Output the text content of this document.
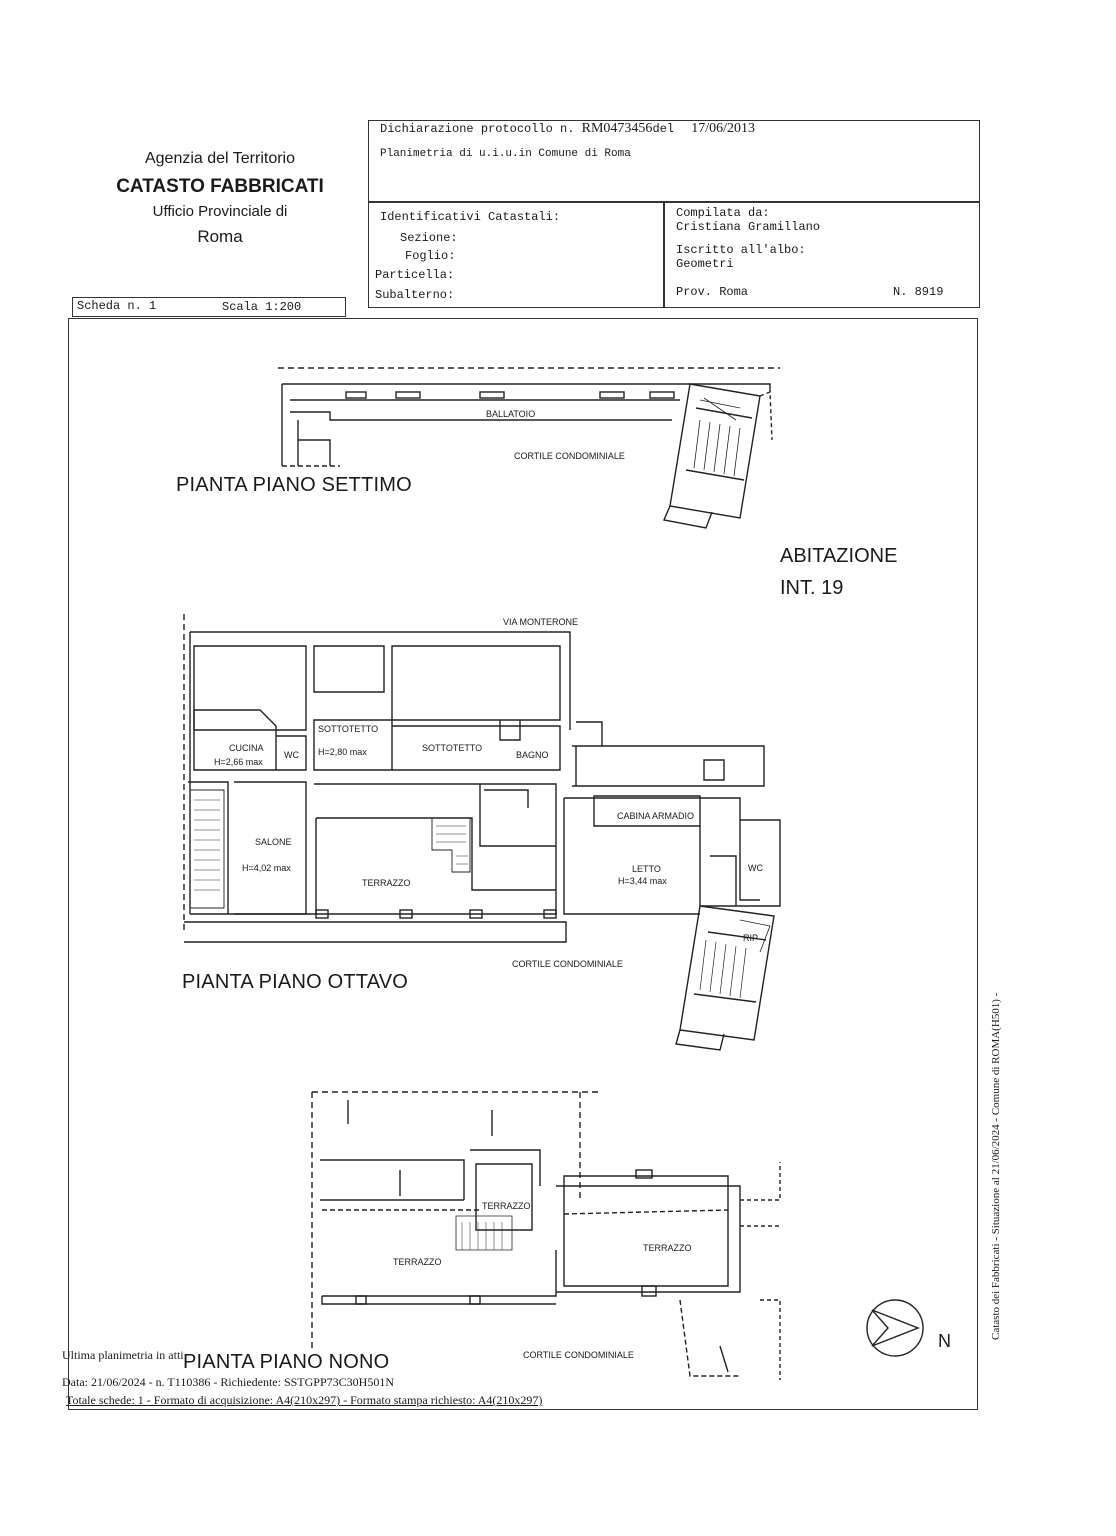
Agenzia del Territorio
CATASTO FABBRICATI
Ufficio Provinciale di
Roma
Dichiarazione protocollo n. RM0473456del 17/06/2013
Planimetria di u.i.u.in Comune di Roma
Identificativi Catastali:
Sezione:
Foglio:
Particella:
Subalterno:
Compilata da:
Cristiana Gramillano
Iscritto all'albo:
Geometri
Prov. Roma	N. 8919
Scheda n. 1	Scala 1:200
BALLATOIO
CORTILE CONDOMINIALE
PIANTA PIANO SETTIMO
ABITAZIONE
INT. 19
VIA MONTERONE
CUCINA
H=2,66 max
WC
SOTTOTETTO
H=2,80 max	SOTTOTETTO
BAGNO
SALONE
H=4,02 max
TERRAZZO
CABINA ARMADIO
LETTO
H=3,44 max
WC
RIP
CORTILE CONDOMINIALE
PIANTA PIANO OTTAVO
TERRAZZO
TERRAZZO
TERRAZZO
CORTILE CONDOMINIALE
PIANTA PIANO NONO
N
Ultima planimetria in atti
Data: 21/06/2024 - n. T110386 - Richiedente: SSTGPP73C30H501N
Totale schede: 1 - Formato di acquisizione: A4(210x297) - Formato stampa richiesto: A4(210x297)
Catasto dei Fabbricati - Situazione al 21/06/2024 - Comune di ROMA(H501) -
